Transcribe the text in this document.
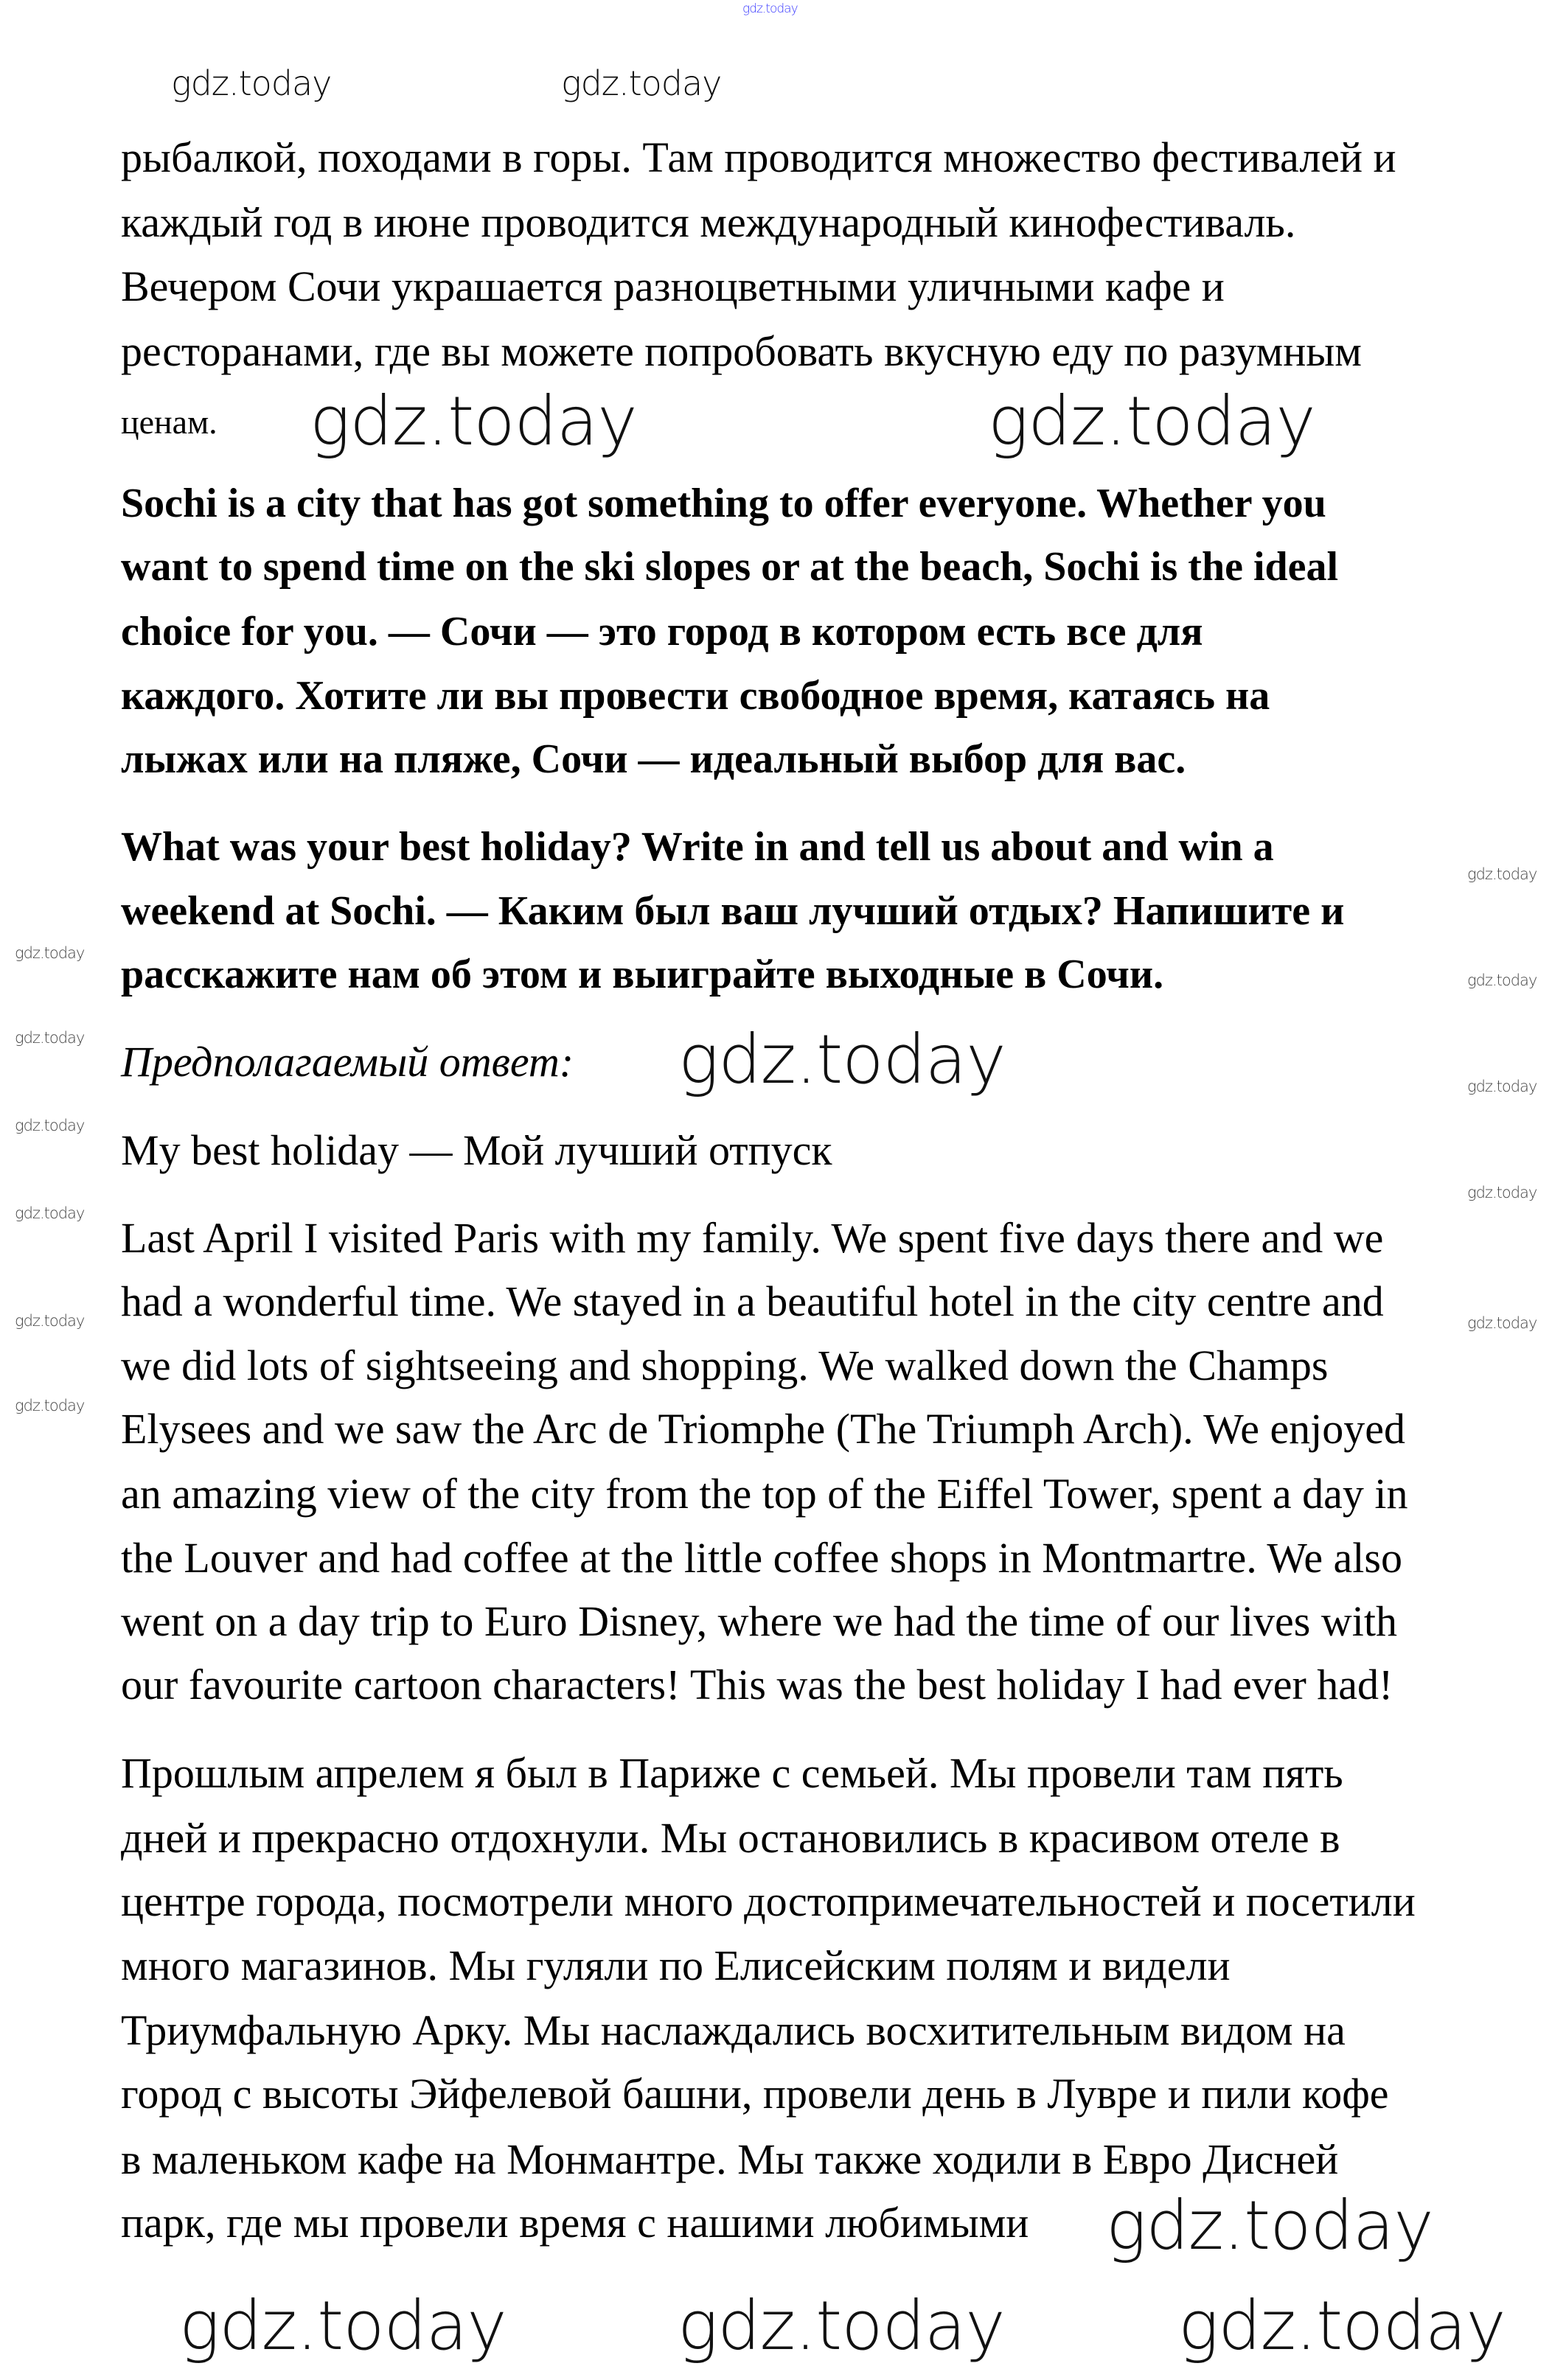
рыбалкой, походами в горы. Там проводится множество фестивалей и
каждый год в июне проводится международный кинофестиваль.
Вечером Сочи украшается разноцветными уличными кафе и
ресторанами, где вы можете попробовать вкусную еду по разумным
ценам.
Sochi is a city that has got something to offer everyone. Whether you
want to spend time on the ski slopes or at the beach, Sochi is the ideal
choice for you. — Сочи — это город в котором есть все для
каждого. Хотите ли вы провести свободное время, катаясь на
лыжах или на пляже, Сочи — идеальный выбор для вас.
What was your best holiday? Write in and tell us about and win a
weekend at Sochi. — Каким был ваш лучший отдых? Напишите и
расскажите нам об этом и выиграйте выходные в Сочи.
Предполагаемый ответ:
My best holiday — Мой лучший отпуск
Last April I visited Paris with my family. We spent five days there and we
had a wonderful time. We stayed in a beautiful hotel in the city centre and
we did lots of sightseeing and shopping. We walked down the Champs
Elysees and we saw the Arc de Triomphe (The Triumph Arch). We enjoyed
an amazing view of the city from the top of the Eiffel Tower, spent a day in
the Louver and had coffee at the little coffee shops in Montmartre. We also
went on a day trip to Euro Disney, where we had the time of our lives with
our favourite cartoon characters! This was the best holiday I had ever had!
Прошлым апрелем я был в Париже с семьей. Мы провели там пять
дней и прекрасно отдохнули. Мы остановились в красивом отеле в
центре города, посмотрели много достопримечательностей и посетили
много магазинов. Мы гуляли по Елисейским полям и видели
Триумфальную Арку. Мы наслаждались восхитительным видом на
город с высоты Эйфелевой башни, провели день в Лувре и пили кофе
в маленьком кафе на Монмантре. Мы также ходили в Евро Дисней
парк, где мы провели время с нашими любимыми
gdz.today
gdz.today	gdz.today
gdz.today	gdz.today
gdz.today
gdz.today
gdz.today	gdz.today	gdz.today
gdz.today
gdz.today
gdz.today
gdz.today
gdz.today
gdz.today
gdz.today
gdz.today
gdz.today
gdz.today
gdz.today
